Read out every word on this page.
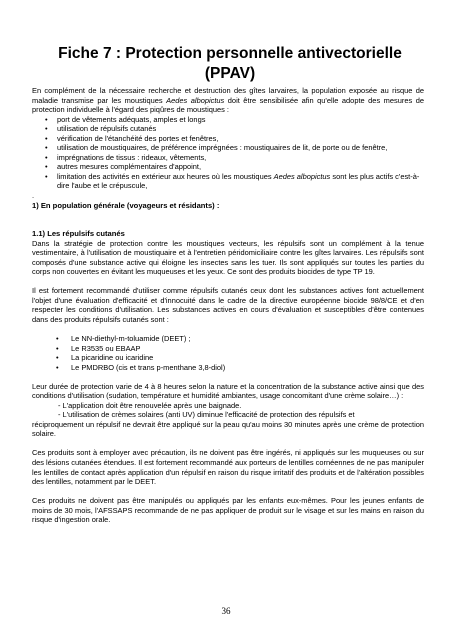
Fiche 7 : Protection personnelle antivectorielle (PPAV)

En complément de la nécessaire recherche et destruction des gîtes larvaires, la population exposée au risque de maladie transmise par les moustiques Aedes albopictus doit être sensibilisée afin qu'elle adopte des mesures de protection individuelle à l'égard des piqûres de moustiques :

• port de vêtements adéquats, amples et longs
• utilisation de répulsifs cutanés
• vérification de l'étanchéité des portes et fenêtres,
• utilisation de moustiquaires, de préférence imprégnées : moustiquaires de lit, de porte ou de fenêtre,
• imprégnations de tissus : rideaux, vêtements,
• autres mesures complémentaires d'appoint,
• limitation des activités en extérieur aux heures où les moustiques Aedes albopictus sont les plus actifs c'est-à-dire l'aube et le crépuscule,
.

1) En population générale (voyageurs et résidants) :

1.1) Les répulsifs cutanés

Dans la stratégie de protection contre les moustiques vecteurs, les répulsifs sont un complément à la tenue vestimentaire, à l'utilisation de moustiquaire et à l'entretien péridomiciliaire contre les gîtes larvaires. Les répulsifs sont composés d'une substance active qui éloigne les insectes sans les tuer. Ils sont appliqués sur toutes les parties du corps non couvertes en évitant les muqueuses et les yeux. Ce sont des produits biocides de type TP 19.

Il est fortement recommandé d'utiliser comme répulsifs cutanés ceux dont les substances actives font actuellement l'objet d'une évaluation d'efficacité et d'innocuité dans le cadre de la directive européenne biocide 98/8/CE et d'en respecter les conditions d'utilisation. Les substances actives en cours d'évaluation et susceptibles d'être contenues dans des produits répulsifs cutanés sont :

• Le NN-diethyl-m-toluamide (DEET) ;
• Le R3535 ou EBAAP
• La picaridine ou icaridine
• Le PMDRBO (cis et trans p-menthane 3,8-diol)

Leur durée de protection varie de 4 à 8 heures selon la nature et la concentration de la substance active ainsi que des conditions d'utilisation (sudation, température et humidité ambiantes, usage concomitant d'une crème solaire…) :

- L'application doit être renouvelée après une baignade.

- L'utilisation de crèmes solaires (anti UV) diminue l'efficacité de protection des répulsifs et

réciproquement un répulsif ne devrait être appliqué sur la peau qu'au moins 30 minutes après une crème de protection solaire.

Ces produits sont à employer avec précaution, ils ne doivent pas être ingérés, ni appliqués sur les muqueuses ou sur des lésions cutanées étendues. Il est fortement recommandé aux porteurs de lentilles cornéennes de ne pas manipuler les lentilles de contact après application d'un répulsif en raison du risque irritatif des produits et de l'altération possibles des lentilles, notamment par le DEET.

Ces produits ne doivent pas être manipulés ou appliqués par les enfants eux-mêmes. Pour les jeunes enfants de moins de 30 mois, l'AFSSAPS recommande de ne pas appliquer de produit sur le visage et sur les mains en raison du risque d'ingestion orale.

36
